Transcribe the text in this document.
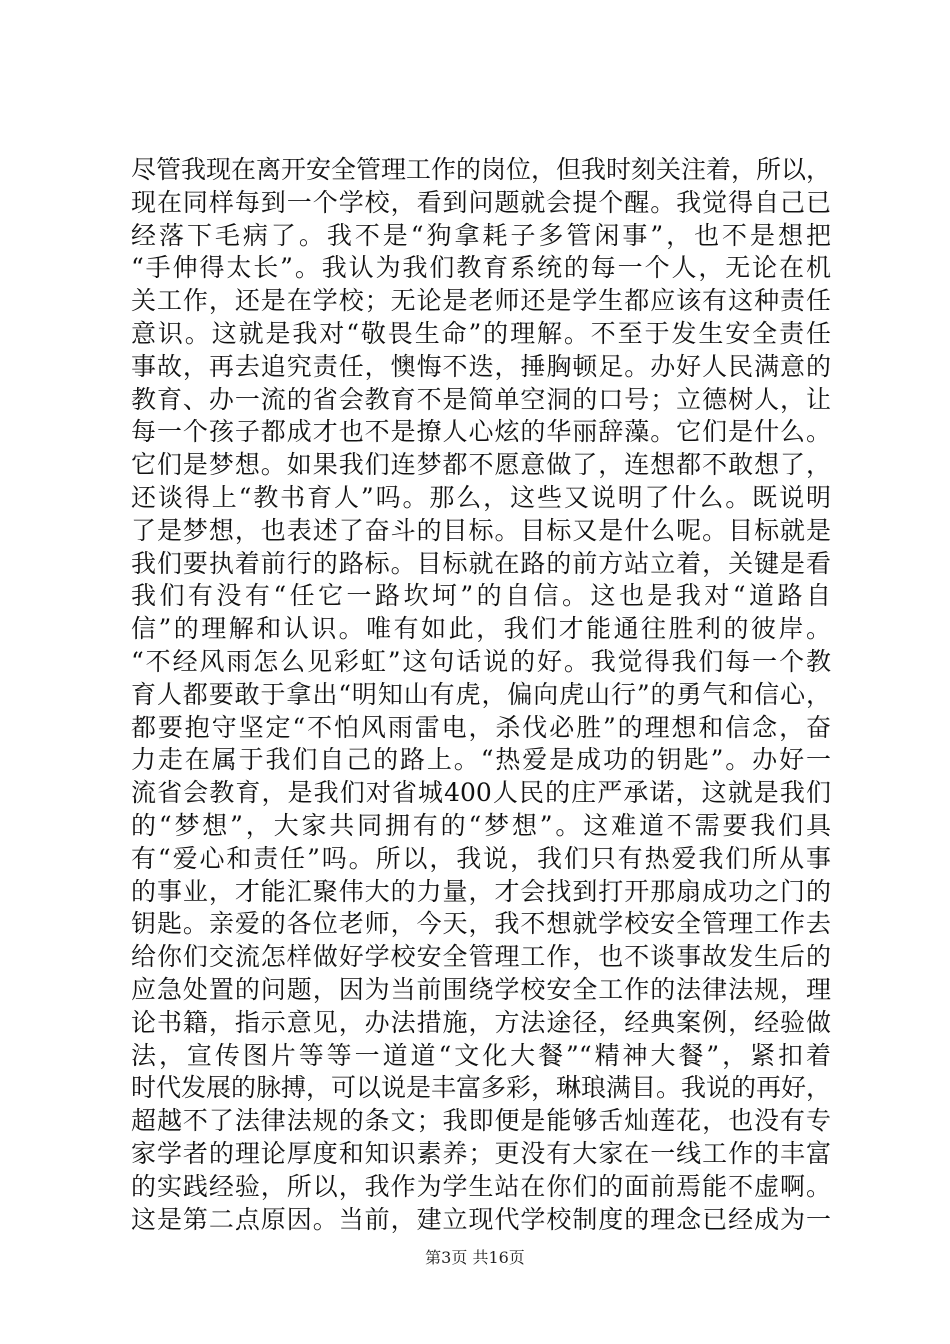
尽管我现在离开安全管理工作的岗位，但我时刻关注着，所以，
现在同样每到一个学校，看到问题就会提个醒。我觉得自己已
经落下毛病了。我不是“狗拿耗子多管闲事”，也不是想把
“手伸得太长”。我认为我们教育系统的每一个人，无论在机
关工作，还是在学校；无论是老师还是学生都应该有这种责任
意识。这就是我对“敬畏生命”的理解。不至于发生安全责任
事故，再去追究责任，懊悔不迭，捶胸顿足。办好人民满意的
教育、办一流的省会教育不是简单空洞的口号；立德树人，让
每一个孩子都成才也不是撩人心炫的华丽辞藻。它们是什么。
它们是梦想。如果我们连梦都不愿意做了，连想都不敢想了，
还谈得上“教书育人”吗。那么，这些又说明了什么。既说明
了是梦想，也表述了奋斗的目标。目标又是什么呢。目标就是
我们要执着前行的路标。目标就在路的前方站立着，关键是看
我们有没有“任它一路坎坷”的自信。这也是我对“道路自
信”的理解和认识。唯有如此，我们才能通往胜利的彼岸。
“不经风雨怎么见彩虹”这句话说的好。我觉得我们每一个教
育人都要敢于拿出“明知山有虎，偏向虎山行”的勇气和信心，
都要抱守坚定“不怕风雨雷电，杀伐必胜”的理想和信念，奋
力走在属于我们自己的路上。“热爱是成功的钥匙”。办好一
流省会教育，是我们对省城400人民的庄严承诺，这就是我们
的“梦想”，大家共同拥有的“梦想”。这难道不需要我们具
有“爱心和责任”吗。所以，我说，我们只有热爱我们所从事
的事业，才能汇聚伟大的力量，才会找到打开那扇成功之门的
钥匙。亲爱的各位老师，今天，我不想就学校安全管理工作去
给你们交流怎样做好学校安全管理工作，也不谈事故发生后的
应急处置的问题，因为当前围绕学校安全工作的法律法规，理
论书籍，指示意见，办法措施，方法途径，经典案例，经验做
法，宣传图片等等一道道“文化大餐”“精神大餐”，紧扣着
时代发展的脉搏，可以说是丰富多彩，琳琅满目。我说的再好，
超越不了法律法规的条文；我即便是能够舌灿莲花，也没有专
家学者的理论厚度和知识素养；更没有大家在一线工作的丰富
的实践经验，所以，我作为学生站在你们的面前焉能不虚啊。
这是第二点原因。当前，建立现代学校制度的理念已经成为一
第3页 共16页
